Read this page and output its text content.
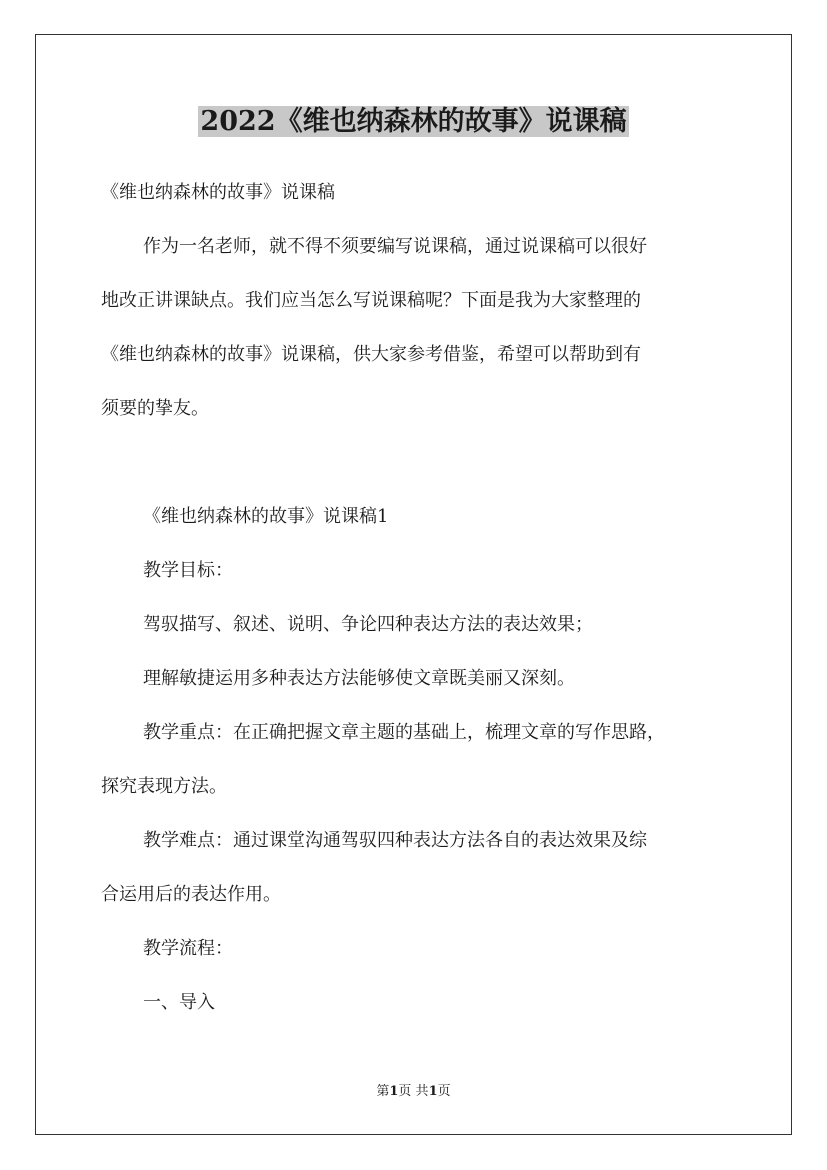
2022《维也纳森林的故事》说课稿

《维也纳森林的故事》说课稿

作为一名老师，就不得不须要编写说课稿，通过说课稿可以很好

地改正讲课缺点。我们应当怎么写说课稿呢？下面是我为大家整理的

《维也纳森林的故事》说课稿，供大家参考借鉴，希望可以帮助到有

须要的挚友。

《维也纳森林的故事》说课稿1

教学目标：

驾驭描写、叙述、说明、争论四种表达方法的表达效果；

理解敏捷运用多种表达方法能够使文章既美丽又深刻。

教学重点：在正确把握文章主题的基础上，梳理文章的写作思路，

探究表现方法。

教学难点：通过课堂沟通驾驭四种表达方法各自的表达效果及综

合运用后的表达作用。

教学流程：

一、导入

第1页 共1页
